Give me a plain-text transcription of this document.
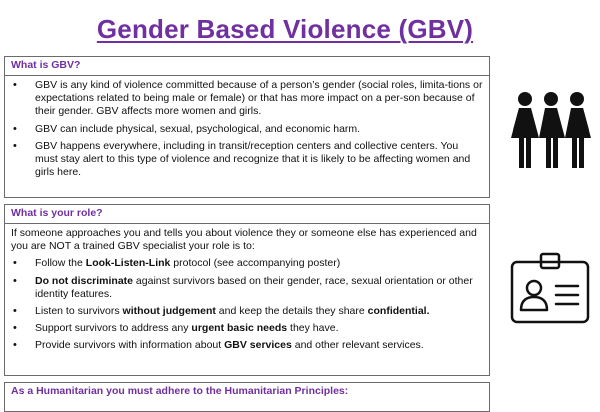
Gender Based Violence (GBV)
What is GBV?
• GBV is any kind of violence committed because of a person’s gender (social roles, limita-tions or expectations related to being male or female) or that has more impact on a per-son because of their gender. GBV affects more women and girls.
• GBV can include physical, sexual, psychological, and economic harm.
• GBV happens everywhere, including in transit/reception centers and collective centers. You must stay alert to this type of violence and recognize that it is likely to be affecting women and girls here.
What is your role?

If someone approaches you and tells you about violence they or someone else has experienced and you are NOT a trained GBV specialist your role is to:

• Follow the Look-Listen-Link protocol (see accompanying poster)
• Do not discriminate against survivors based on their gender, race, sexual orientation or other identity features.
• Listen to survivors without judgement and keep the details they share confidential.
• Support survivors to address any urgent basic needs they have.
• Provide survivors with information about GBV services and other relevant services.
As a Humanitarian you must adhere to the Humanitarian Principles:
